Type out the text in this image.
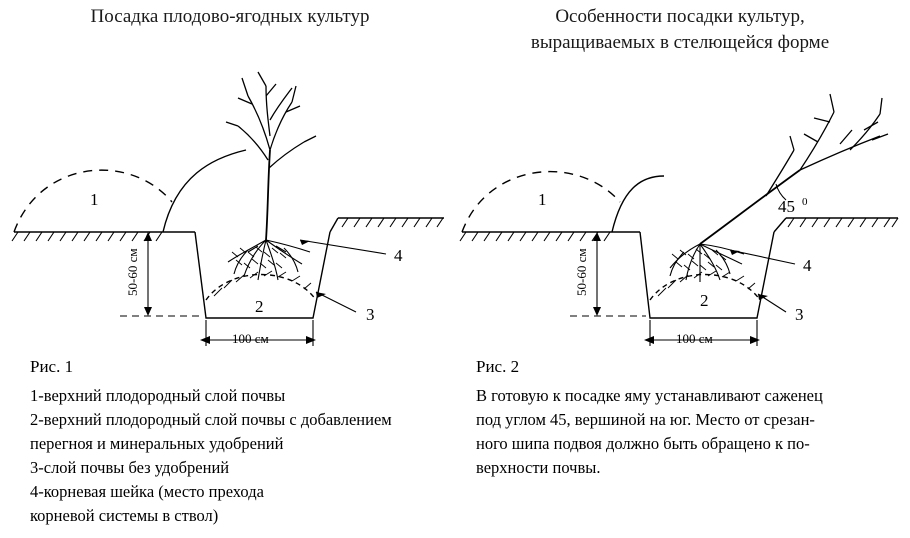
Посадка плодово-ягодных культур	Особенности посадки культур,
выращиваемых в стелющейся форме
1
2	3
4
1
2
3
4
45 0
50-60 см
100 см
50-60 см
100 см
Рис. 1	Рис. 2
1-верхний плодородный слой почвы
2-верхний плодородный слой почвы с добавлением
перегноя и минеральных удобрений
3-слой почвы без удобрений
4-корневая шейка (место прехода
корневой системы в ствол)
В готовую к посадке яму устанавливают саженец
под углом 45, вершиной на юг. Место от срезан-
ного шипа подвоя должно быть обращено к по-
верхности почвы.
